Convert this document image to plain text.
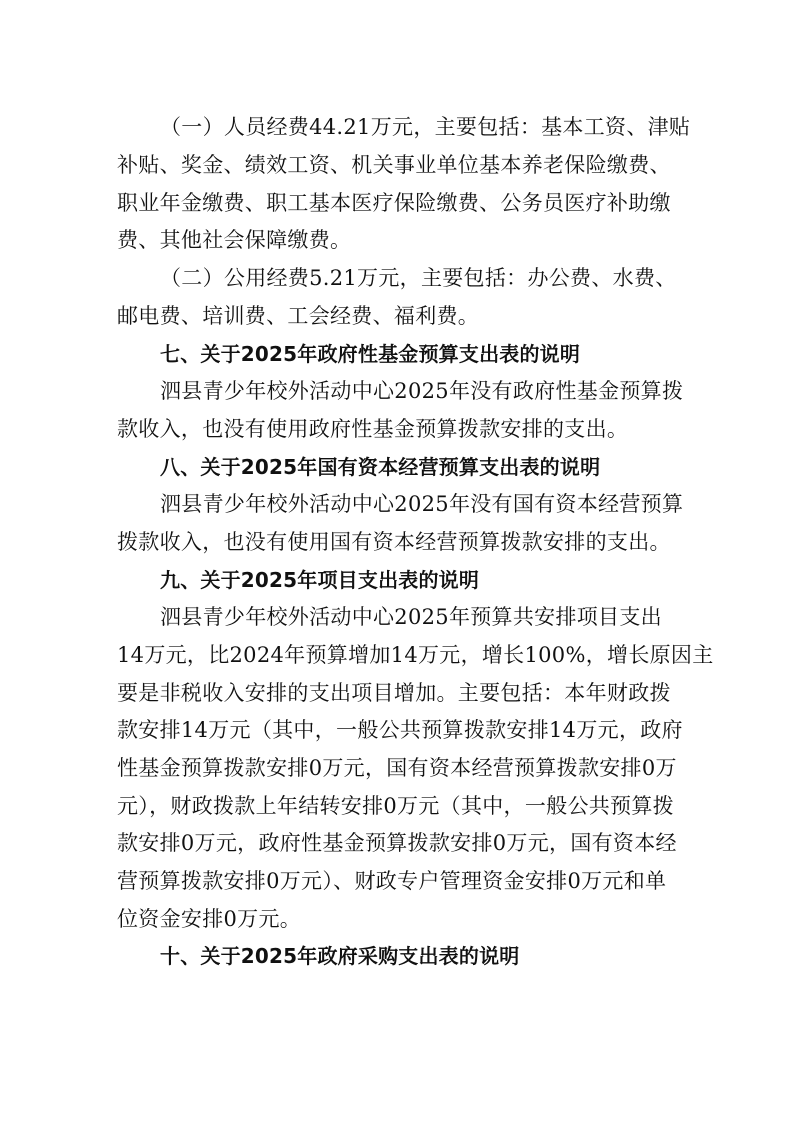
（一）人员经费44.21万元，主要包括：基本工资、津贴
补贴、奖金、绩效工资、机关事业单位基本养老保险缴费、
职业年金缴费、职工基本医疗保险缴费、公务员医疗补助缴
费、其他社会保障缴费。
（二）公用经费5.21万元，主要包括：办公费、水费、
邮电费、培训费、工会经费、福利费。
七、关于2025年政府性基金预算支出表的说明
泗县青少年校外活动中心2025年没有政府性基金预算拨
款收入，也没有使用政府性基金预算拨款安排的支出。
八、关于2025年国有资本经营预算支出表的说明
泗县青少年校外活动中心2025年没有国有资本经营预算
拨款收入，也没有使用国有资本经营预算拨款安排的支出。
九、关于2025年项目支出表的说明
泗县青少年校外活动中心2025年预算共安排项目支出
14万元，比2024年预算增加14万元，增长100%，增长原因主
要是非税收入安排的支出项目增加。主要包括：本年财政拨
款安排14万元（其中，一般公共预算拨款安排14万元，政府
性基金预算拨款安排0万元，国有资本经营预算拨款安排0万
元），财政拨款上年结转安排0万元（其中，一般公共预算拨
款安排0万元，政府性基金预算拨款安排0万元，国有资本经
营预算拨款安排0万元）、财政专户管理资金安排0万元和单
位资金安排0万元。
十、关于2025年政府采购支出表的说明
